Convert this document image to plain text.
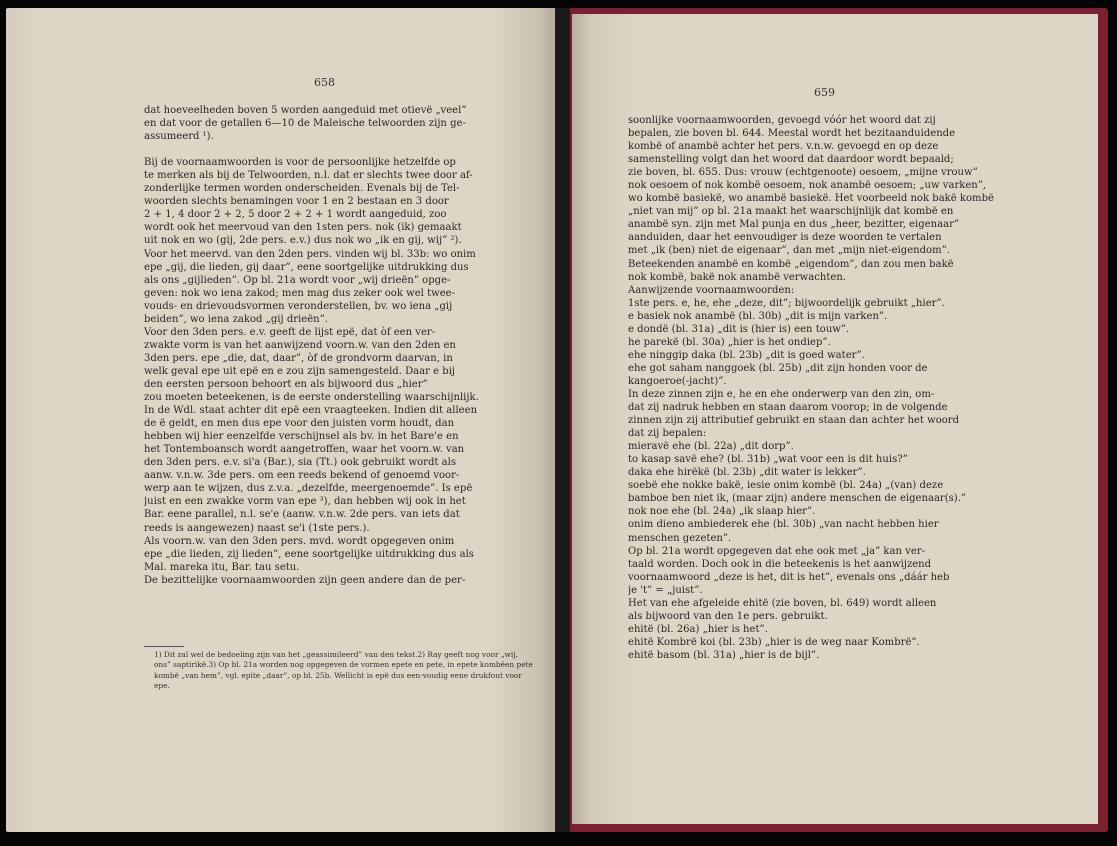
658
dat hoeveelheden boven 5 worden aangeduid met otievë „veel”
en dat voor de getallen 6—10 de Maleische telwoorden zijn ge-
assumeerd ¹).

Bij de voornaamwoorden is voor de persoonlijke hetzelfde op
te merken als bij de Telwoorden, n.l. dat er slechts twee door af-
zonderlijke termen worden onderscheiden. Evenals bij de Tel-
woorden slechts benamingen voor 1 en 2 bestaan en 3 door
2 + 1, 4 door 2 + 2, 5 door 2 + 2 + 1 wordt aangeduid, zoo
wordt ook het meervoud van den 1sten pers. nok (ik) gemaakt
uit nok en wo (gij, 2de pers. e.v.) dus nok wo „ik en gij, wij” ²).
Voor het meervd. van den 2den pers. vinden wij bl. 33b: wo onim
epe „gij, die lieden, gij daar”, eene soortgelijke uitdrukking dus
als ons „gijlieden”. Op bl. 21a wordt voor „wij drieën” opge-
geven: nok wo iena zakod; men mag dus zeker ook wel twee-
vouds- en drievoudsvormen veronderstellen, bv. wo iena „gij
beiden”, wo iena zakod „gij drieën”.
Voor den 3den pers. e.v. geeft de lijst epë, dat òf een ver-
zwakte vorm is van het aanwijzend voorn.w. van den 2den en
3den pers. epe „die, dat, daar”, òf de grondvorm daarvan, in
welk geval epe uit epë en e zou zijn samengesteld. Daar e bij
den eersten persoon behoort en als bijwoord dus „hier”
zou moeten beteekenen, is de eerste onderstelling waarschijnlijk.
In de Wdl. staat achter dit epë een vraagteeken. Indien dit alleen
de ë geldt, en men dus epe voor den juisten vorm houdt, dan
hebben wij hier eenzelfde verschijnsel als bv. in het Bare'e en
het Tontemboansch wordt aangetroffen, waar het voorn.w. van
den 3den pers. e.v. si'a (Bar.), sia (Tt.) ook gebruikt wordt als
aanw. v.n.w. 3de pers. om een reeds bekend of genoemd voor-
werp aan te wijzen, dus z.v.a. „dezelfde, meergenoemde”. Is epë
juist en een zwakke vorm van epe ³), dan hebben wij ook in het
Bar. eene parallel, n.l. se'e (aanw. v.n.w. 2de pers. van iets dat
reeds is aangewezen) naast se'i (1ste pers.).
Als voorn.w. van den 3den pers. mvd. wordt opgegeven onim
epe „die lieden, zij lieden”, eene soortgelijke uitdrukking dus als
Mal. mareka itu, Bar. tau setu.
De bezittelijke voornaamwoorden zijn geen andere dan de per-
1) Dit zal wel de bedoeling zijn van het „geassimileerd” van den tekst.2) Ray geeft nog voor „wij, ons” saptirikë.3) Op bl. 21a worden nog opgegeven de vormen epete en pete, in epete kombëen pete kombë „van hem”, vgl. epite „daar”, op bl. 25b. Wellicht is epë dus een-voudig eene drukfout voor epe.
659
soonlijke voornaamwoorden, gevoegd vóór het woord dat zij
bepalen, zie boven bl. 644. Meestal wordt het bezitaanduidende
kombë of anambë achter het pers. v.n.w. gevoegd en op deze
samenstelling volgt dan het woord dat daardoor wordt bepaald;
zie boven, bl. 655. Dus: vrouw (echtgenoote) oesoem, „mijne vrouw”
nok oesoem of nok kombë oesoem, nok anambë oesoem; „uw varken”,
wo kombë basiekë, wo anambë basiekë. Het voorbeeld nok bakë kombë
„niet van mij” op bl. 21a maakt het waarschijnlijk dat kombë en
anambë syn. zijn met Mal punja en dus „heer, bezitter, eigenaar”
aanduiden, daar het eenvoudiger is deze woorden te vertalen
met „ik (ben) niet de eigenaar”, dan met „mijn niet-eigendom”.
Beteekenden anambë en kombë „eigendom”, dan zou men bakë
nok kombë, bakë nok anambë verwachten.
Aanwijzende voornaamwoorden:
1ste pers. e, he, ehe „deze, dit”; bijwoordelijk gebruikt „hier”.
e basiek nok anambë (bl. 30b) „dit is mijn varken”.
e dondë (bl. 31a) „dit is (hier is) een touw”.
he parekë (bl. 30a) „hier is het ondiep”.
ehe ninggip daka (bl. 23b) „dit is goed water”.
ehe got saham nanggoek (bl. 25b) „dit zijn honden voor de
kangoeroe(-jacht)”.
In deze zinnen zijn e, he en ehe onderwerp van den zin, om-
dat zij nadruk hebben en staan daarom voorop; in de volgende
zinnen zijn zij attributief gebruikt en staan dan achter het woord
dat zij bepalen:
mieravë ehe (bl. 22a) „dit dorp”.
to kasap savë ehe? (bl. 31b) „wat voor een is dit huis?”
daka ehe hirëkë (bl. 23b) „dit water is lekker”.
soebë ehe nokke bakë, iesie onim kombë (bl. 24a) „(van) deze
bamboe ben niet ik, (maar zijn) andere menschen de eigenaar(s).”
nok noe ehe (bl. 24a) „ik slaap hier”.
onim dieno ambiederek ehe (bl. 30b) „van nacht hebben hier
menschen gezeten”.
Op bl. 21a wordt opgegeven dat ehe ook met „ja” kan ver-
taald worden. Doch ook in die beteekenis is het aanwijzend
voornaamwoord „deze is het, dit is het”, evenals ons „dáár heb
je 't” = „juist”.
Het van ehe afgeleide ehitë (zie boven, bl. 649) wordt alleen
als bijwoord van den 1e pers. gebruikt.
ehitë (bl. 26a) „hier is het”.
ehitë Kombrë koi (bl. 23b) „hier is de weg naar Kombrë”.
ehitë basom (bl. 31a) „hier is de bijl”.
